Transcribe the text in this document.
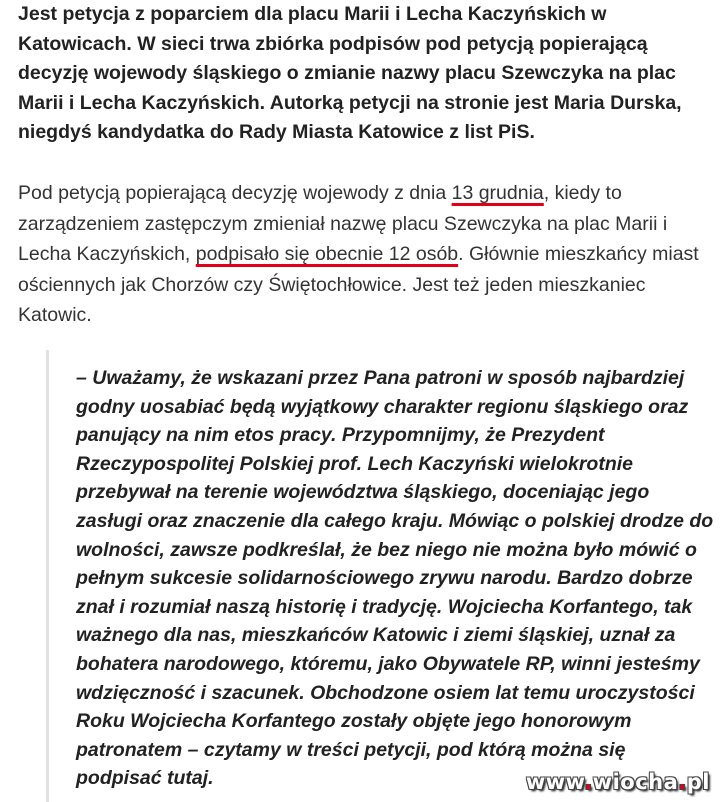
Jest petycja z poparciem dla placu Marii i Lecha Kaczyńskich w Katowicach. W sieci trwa zbiórka podpisów pod petycją popierającą decyzję wojewody śląskiego o zmianie nazwy placu Szewczyka na plac Marii i Lecha Kaczyńskich. Autorką petycji na stronie jest Maria Durska, niegdyś kandydatka do Rady Miasta Katowice z list PiS.

Pod petycją popierającą decyzję wojewody z dnia 13 grudnia, kiedy to zarządzeniem zastępczym zmieniał nazwę placu Szewczyka na plac Marii i Lecha Kaczyńskich, podpisało się obecnie 12 osób. Głównie mieszkańcy miast ościennych jak Chorzów czy Świętochłowice. Jest też jeden mieszkaniec Katowic.

– Uważamy, że wskazani przez Pana patroni w sposób najbardziej godny uosabiać będą wyjątkowy charakter regionu śląskiego oraz panujący na nim etos pracy. Przypomnijmy, że Prezydent Rzeczypospolitej Polskiej prof. Lech Kaczyński wielokrotnie przebywał na terenie województwa śląskiego, doceniając jego zasługi oraz znaczenie dla całego kraju. Mówiąc o polskiej drodze do wolności, zawsze podkreślał, że bez niego nie można było mówić o pełnym sukcesie solidarnościowego zrywu narodu. Bardzo dobrze znał i rozumiał naszą historię i tradycję. Wojciecha Korfantego, tak ważnego dla nas, mieszkańców Katowic i ziemi śląskiej, uznał za bohatera narodowego, któremu, jako Obywatele RP, winni jesteśmy wdzięczność i szacunek. Obchodzone osiem lat temu uroczystości Roku Wojciecha Korfantego zostały objęte jego honorowym patronatem – czytamy w treści petycji, pod którą można się podpisać tutaj.	www.wiocha.pl
